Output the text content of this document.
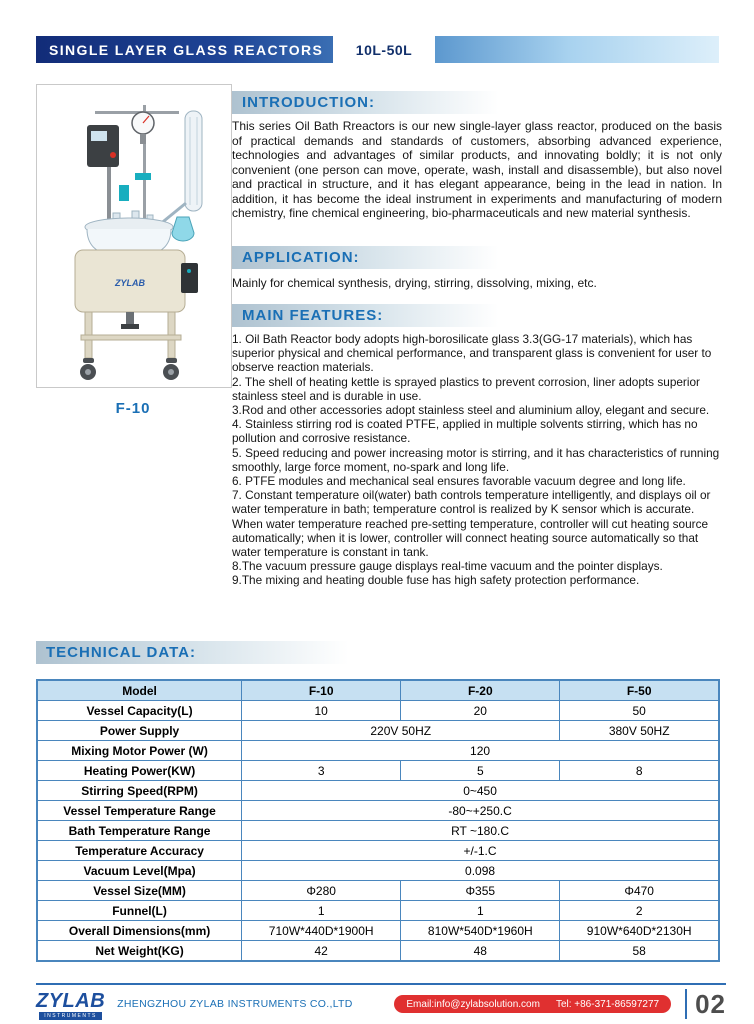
SINGLE LAYER GLASS REACTORS	10L-50L
ZYLAB
F-10
INTRODUCTION:
This series Oil Bath Rreactors is our new single-layer glass reactor, produced on the basis of practical demands and standards of customers, absorbing advanced experience, technologies and advantages of similar products, and innovating boldly; it is not only convenient (one person can move, operate, wash, install and disassemble), but also novel and practical in structure, and it has elegant appearance, being in the lead in nation. In addition, it has become the ideal instrument in experiments and manufacturing of modern chemistry, fine chemical engineering, bio-pharmaceuticals and new material synthesis.
APPLICATION:
Mainly for chemical synthesis, drying, stirring, dissolving, mixing, etc.
MAIN FEATURES:

1. Oil Bath Reactor body adopts high-borosilicate glass 3.3(GG-17 materials), which has superior physical and chemical performance, and transparent glass is convenient for user to observe reaction materials.

2. The shell of heating kettle is sprayed plastics to prevent corrosion, liner adopts superior stainless steel and is durable in use.

3.Rod and other accessories adopt stainless steel and aluminium alloy, elegant and secure.

4. Stainless stirring rod is coated PTFE, applied in multiple solvents stirring, which has no pollution and corrosive resistance.

5. Speed reducing and power increasing motor is stirring, and it has characteristics of running smoothly, large force moment, no-spark and long life.

6. PTFE modules and mechanical seal ensures favorable vacuum degree and long life.

7. Constant temperature oil(water) bath controls temperature intelligently, and displays oil or water temperature in bath; temperature control is realized by K sensor which is accurate. When water temperature reached pre-setting temperature, controller will cut heating source automatically; when it is lower, controller will connect heating source automatically so that water temperature is constant in tank.

8.The vacuum pressure gauge displays real-time vacuum and the pointer displays.

9.The mixing and heating double fuse has high safety protection performance.

TECHNICAL DATA:
Model	F-10	F-20	F-50
Vessel Capacity(L)	10	20	50
Power Supply	220V 50HZ		380V 50HZ
Mixing Motor Power (W)	120		
Heating Power(KW)	3	5	8
Stirring Speed(RPM)	0~450		
Vessel Temperature Range	-80~+250.C		
Bath Temperature Range	RT ~180.C		
Temperature Accuracy	+/-1.C		
Vacuum Level(Mpa)	0.098		
Vessel Size(MM)	Φ280	Φ355	Φ470
Funnel(L)	1	1	2
Overall Dimensions(mm)	710W*440D*1900H	810W*540D*1960H	910W*640D*2130H
Net Weight(KG)	42	48	58
ZYLAB
INSTRUMENTS
ZHENGZHOU ZYLAB INSTRUMENTS CO.,LTD	Email:info@zylabsolution.com Tel: +86-371-86597277 02
